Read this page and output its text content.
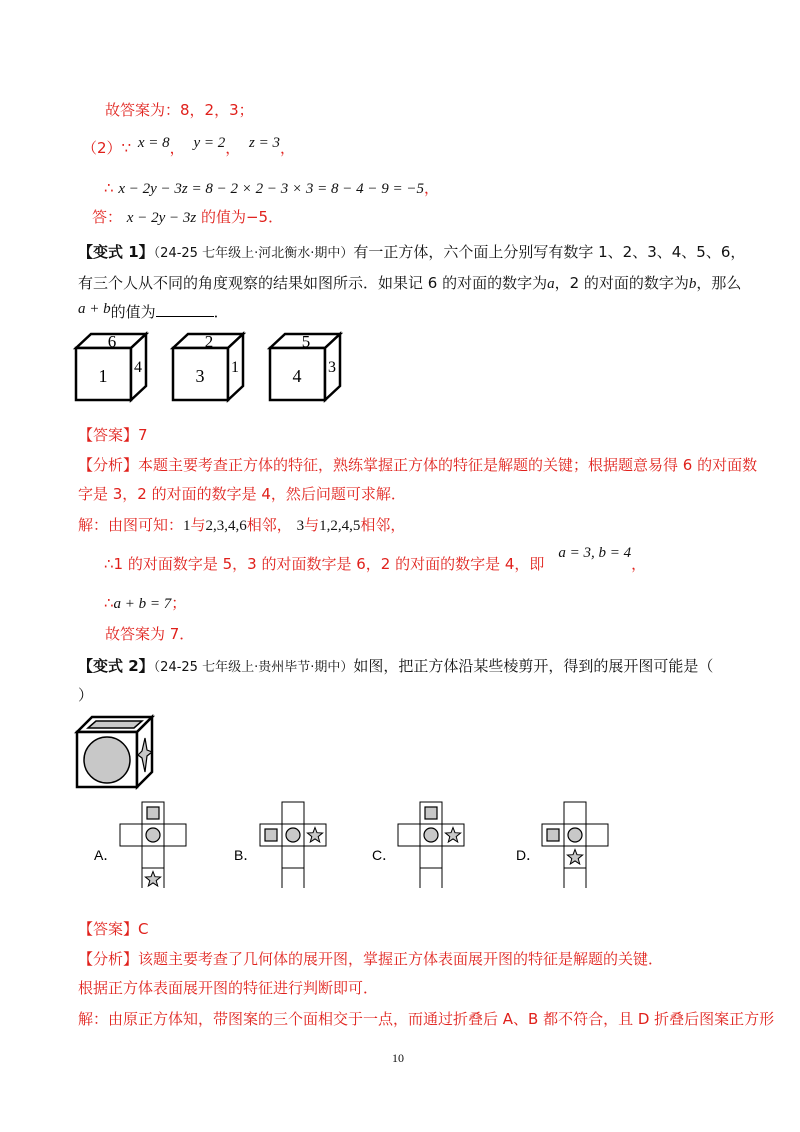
故答案为：8，2，3；
（2）∵ x = 8， y = 2， z = 3，
∴ x − 2y − 3z = 8 − 2 × 2 − 3 × 3 = 8 − 4 − 9 = −5，
答： x − 2y − 3z 的值为−5．
【变式 1】（24-25 七年级上·河北衡水·期中）有一正方体，六个面上分别写有数字 1、2、3、4、5、6，
有三个人从不同的角度观察的结果如图所示．如果记 6 的对面的数字为a，2 的对面的数字为b，那么
a + b的值为	．
6
1 4
2
3 1
5
4 3
【答案】7
【分析】本题主要考查正方体的特征，熟练掌握正方体的特征是解题的关键；根据题意易得 6 的对面数
字是 3，2 的对面的数字是 4，然后问题可求解．
解：由图可知：1与2,3,4,6相邻， 3与1,2,4,5相邻，
∴1 的对面数字是 5，3 的对面数字是 6，2 的对面的数字是 4，即a = 3, b = 4，
∴a + b = 7；
故答案为 7．
【变式 2】（24-25 七年级上·贵州毕节·期中）如图，把正方体沿某些棱剪开，得到的展开图可能是（
）
A．	B．	C．	D．
【答案】C
【分析】该题主要考查了几何体的展开图，掌握正方体表面展开图的特征是解题的关键．
根据正方体表面展开图的特征进行判断即可．
解：由原正方体知，带图案的三个面相交于一点，而通过折叠后 A、B 都不符合，且 D 折叠后图案正方形
10
